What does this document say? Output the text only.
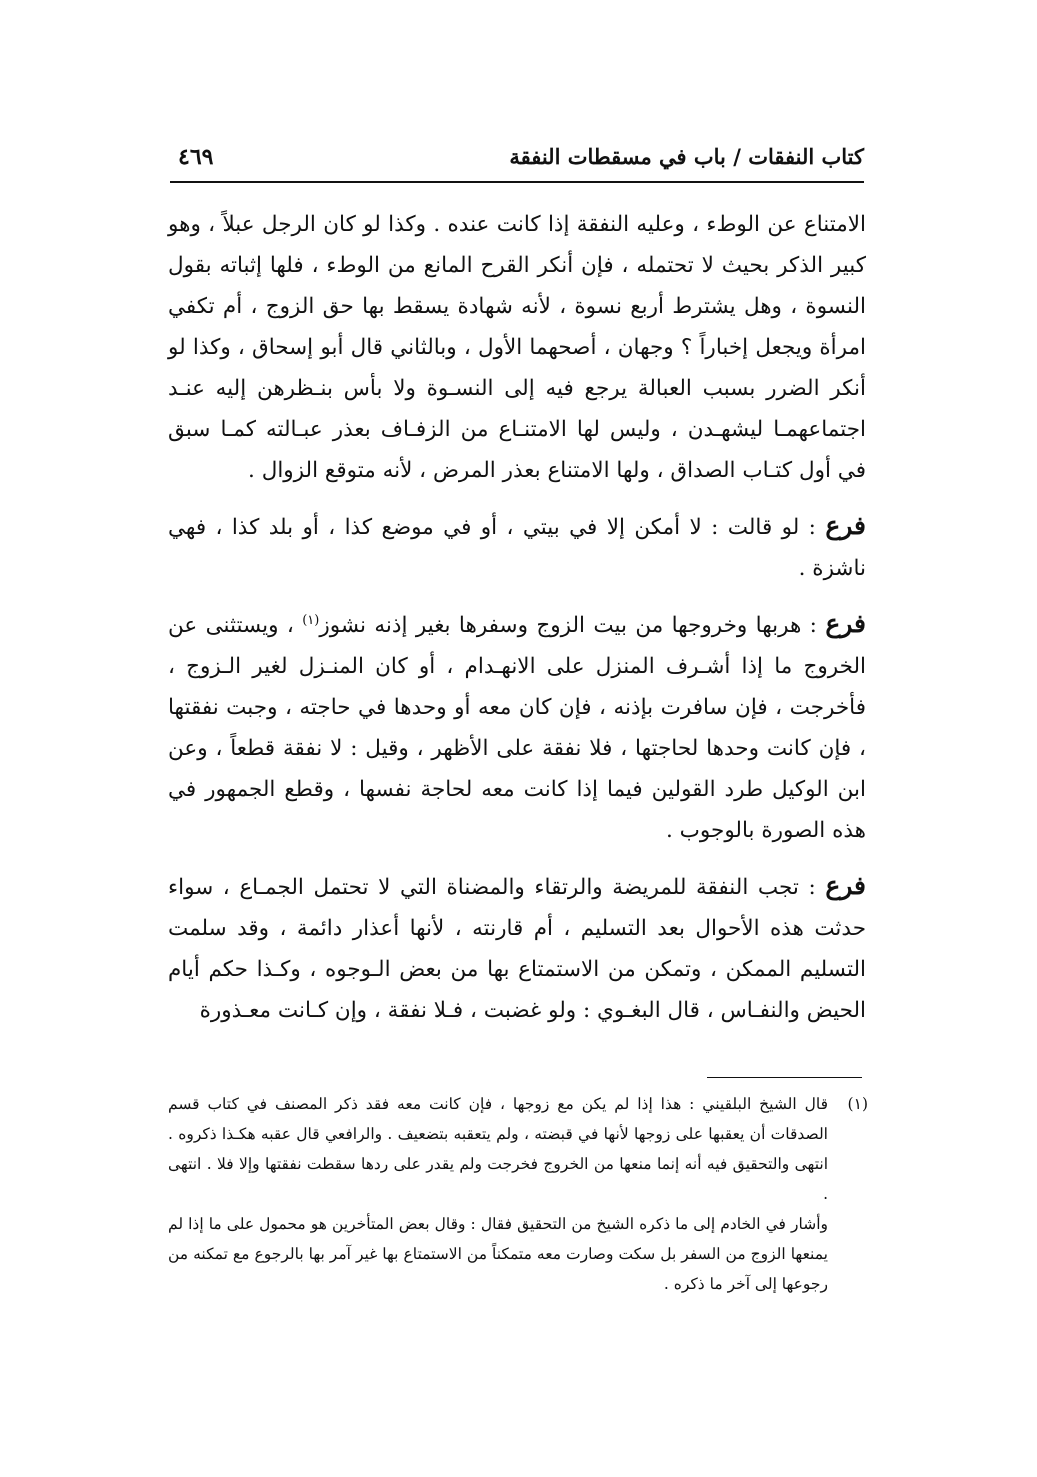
كتاب النفقات / باب في مسقطات النفقة
٤٦٩

الامتناع عن الوطء ، وعليه النفقة إذا كانت عنده . وكذا لو كان الرجل عبلاً ، وهو كبير الذكر بحيث لا تحتمله ، فإن أنكر القرح المانع من الوطء ، فلها إثباته بقول النسوة ، وهل يشترط أربع نسوة ، لأنه شهادة يسقط بها حق الزوج ، أم تكفي امرأة ويجعل إخباراً ؟ وجهان ، أصحهما الأول ، وبالثاني قال أبو إسحاق ، وكذا لو أنكر الضرر بسبب العبالة يرجع فيه إلى النسـوة ولا بأس بنـظرهن إليه عنـد اجتماعهمـا ليشهـدن ، وليس لها الامتنـاع من الزفـاف بعذر عبـالته كمـا سبق في أول كتـاب الصداق ، ولها الامتناع بعذر المرض ، لأنه متوقع الزوال .

فرع : لو قالت : لا أمكن إلا في بيتي ، أو في موضع كذا ، أو بلد كذا ، فهي ناشزة .

فرع : هربها وخروجها من بيت الزوج وسفرها بغير إذنه نشوز$^{(١)}$ ، ويستثنى عن الخروج ما إذا أشـرف المنزل على الانهـدام ، أو كان المنـزل لغير الـزوج ، فأخرجت ، فإن سافرت بإذنه ، فإن كان معه أو وحدها في حاجته ، وجبت نفقتها ، فإن كانت وحدها لحاجتها ، فلا نفقة على الأظهر ، وقيل : لا نفقة قطعاً ، وعن ابن الوكيل طرد القولين فيما إذا كانت معه لحاجة نفسها ، وقطع الجمهور في هذه الصورة بالوجوب .

فرع : تجب النفقة للمريضة والرتقاء والمضناة التي لا تحتمل الجمـاع ، سواء حدثت هذه الأحوال بعد التسليم ، أم قارنته ، لأنها أعذار دائمة ، وقد سلمت التسليم الممكن ، وتمكن من الاستمتاع بها من بعض الـوجوه ، وكـذا حكم أيام الحيض والنفـاس ، قال البغـوي : ولو غضبت ، فـلا نفقة ، وإن كـانت معـذورة

(١)
قال الشيخ البلقيني : هذا إذا لم يكن مع زوجها ، فإن كانت معه فقد ذكر المصنف في كتاب قسم الصدقات أن يعقبها على زوجها لأنها في قبضته ، ولم يتعقبه بتضعيف . والرافعي قال عقبه هكـذا ذكروه . انتهى والتحقيق فيه أنه إنما منعها من الخروج فخرجت ولم يقدر على ردها سقطت نفقتها وإلا فلا . انتهى .

وأشار في الخادم إلى ما ذكره الشيخ من التحقيق فقال : وقال بعض المتأخرين هو محمول على ما إذا لم يمنعها الزوج من السفر بل سكت وصارت معه متمكناً من الاستمتاع بها غير آمر بها بالرجوع مع تمكنه من رجوعها إلى آخر ما ذكره .
